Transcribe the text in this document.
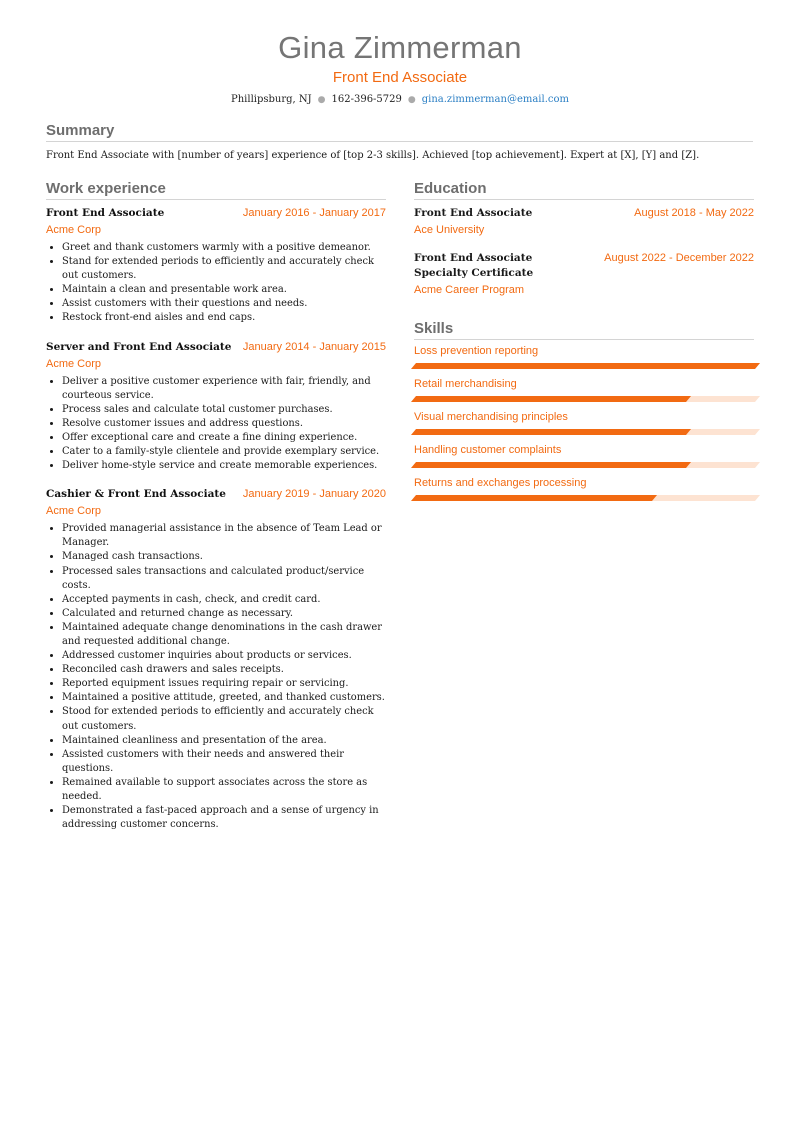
Gina Zimmerman
Front End Associate
Phillipsburg, NJ ● 162-396-5729 ● gina.zimmerman@email.com
Summary
Front End Associate with [number of years] experience of [top 2-3 skills]. Achieved [top achievement]. Expert at [X], [Y] and [Z].
Work experience
Front End Associate	January 2016 - January 2017
Acme Corp
• Greet and thank customers warmly with a positive demeanor.
• Stand for extended periods to efficiently and accurately check out customers.
• Maintain a clean and presentable work area.
• Assist customers with their questions and needs.
• Restock front-end aisles and end caps.
Server and Front End Associate January 2014 - January 2015
Acme Corp
• Deliver a positive customer experience with fair, friendly, and courteous service.
• Process sales and calculate total customer purchases.
• Resolve customer issues and address questions.
• Offer exceptional care and create a fine dining experience.
• Cater to a family-style clientele and provide exemplary service.
• Deliver home-style service and create memorable experiences.
Cashier & Front End Associate January 2019 - January 2020
Acme Corp
• Provided managerial assistance in the absence of Team Lead or Manager.
• Managed cash transactions.
• Processed sales transactions and calculated product/service costs.
• Accepted payments in cash, check, and credit card.
• Calculated and returned change as necessary.
• Maintained adequate change denominations in the cash drawer and requested additional change.
• Addressed customer inquiries about products or services.
• Reconciled cash drawers and sales receipts.
• Reported equipment issues requiring repair or servicing.
• Maintained a positive attitude, greeted, and thanked customers.
• Stood for extended periods to efficiently and accurately check out customers.
• Maintained cleanliness and presentation of the area.
• Assisted customers with their needs and answered their questions.
• Remained available to support associates across the store as needed.
• Demonstrated a fast-paced approach and a sense of urgency in addressing customer concerns.
Education
Front End Associate	August 2018 - May 2022
Ace University
Front End Associate Specialty Certificate
August 2022 - December 2022
Acme Career Program
Skills
Loss prevention reporting
Retail merchandising
Visual merchandising principles
Handling customer complaints
Returns and exchanges processing
